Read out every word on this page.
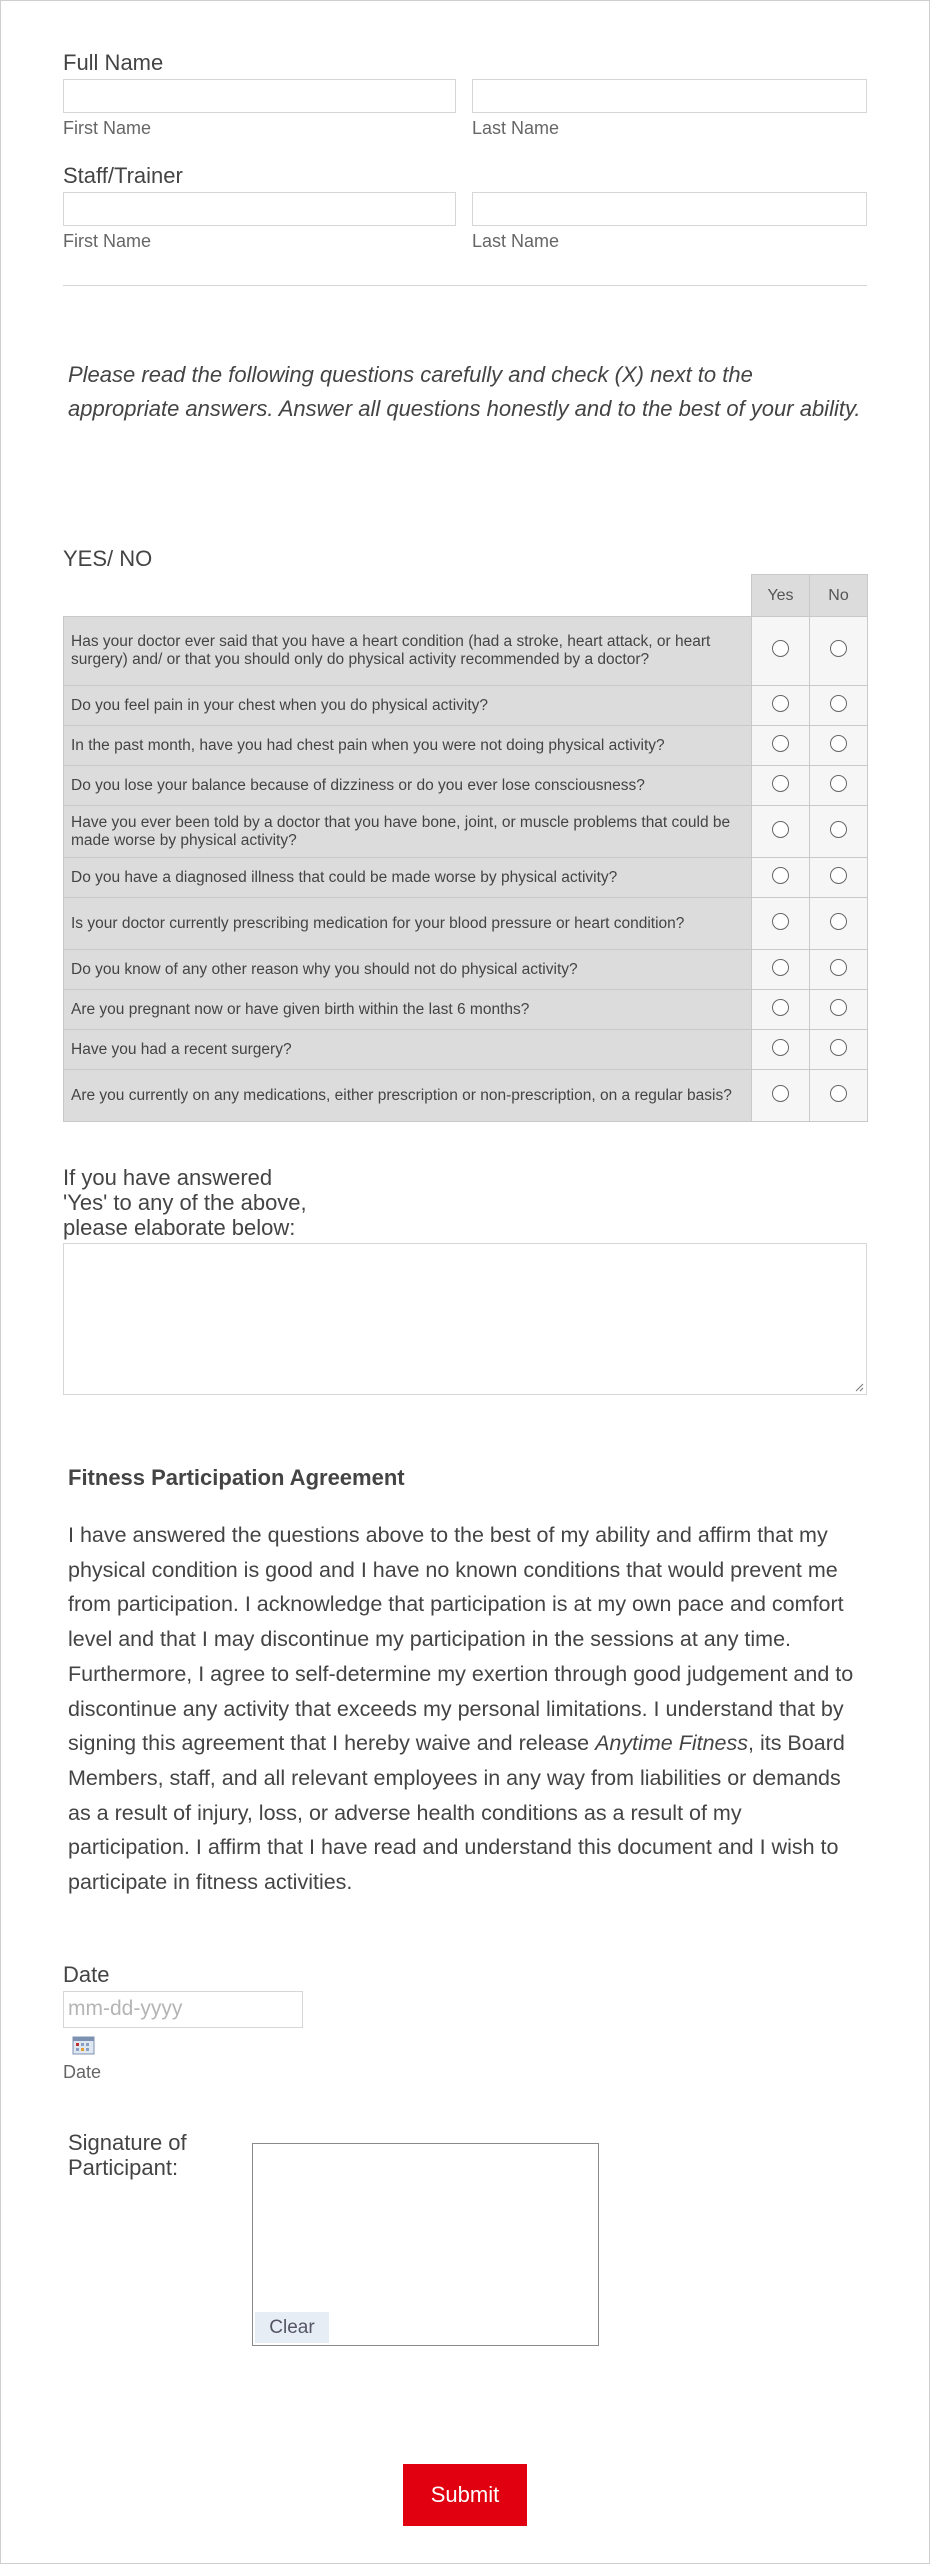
Full Name
First Name	Last Name
Staff/Trainer
First Name	Last Name
Please read the following questions carefully and check (X) next to the appropriate answers. Answer all questions honestly and to the best of your ability.
YES/ NO
	Yes	No
Has your doctor ever said that you have a heart condition (had a stroke, heart attack, or heart surgery) and/ or that you should only do physical activity recommended by a doctor?		
Do you feel pain in your chest when you do physical activity?		
In the past month, have you had chest pain when you were not doing physical activity?		
Do you lose your balance because of dizziness or do you ever lose consciousness?		
Have you ever been told by a doctor that you have bone, joint, or muscle problems that could be made worse by physical activity?		
Do you have a diagnosed illness that could be made worse by physical activity?		
Is your doctor currently prescribing medication for your blood pressure or heart condition?		
Do you know of any other reason why you should not do physical activity?		
Are you pregnant now or have given birth within the last 6 months?		
Have you had a recent surgery?		
Are you currently on any medications, either prescription or non-prescription, on a regular basis?		
If you have answered
'Yes' to any of the above,
please elaborate below:
Fitness Participation Agreement
I have answered the questions above to the best of my ability and affirm that my physical condition is good and I have no known conditions that would prevent me from participation. I acknowledge that participation is at my own pace and comfort level and that I may discontinue my participation in the sessions at any time. Furthermore, I agree to self-determine my exertion through good judgement and to discontinue any activity that exceeds my personal limitations. I understand that by signing this agreement that I hereby waive and release Anytime Fitness, its Board Members, staff, and all relevant employees in any way from liabilities or demands as a result of injury, loss, or adverse health conditions as a result of my participation. I affirm that I have read and understand this document and I wish to participate in fitness activities.
Date
mm-dd-yyyy
Date
Signature of
Participant:
Clear
Submit
